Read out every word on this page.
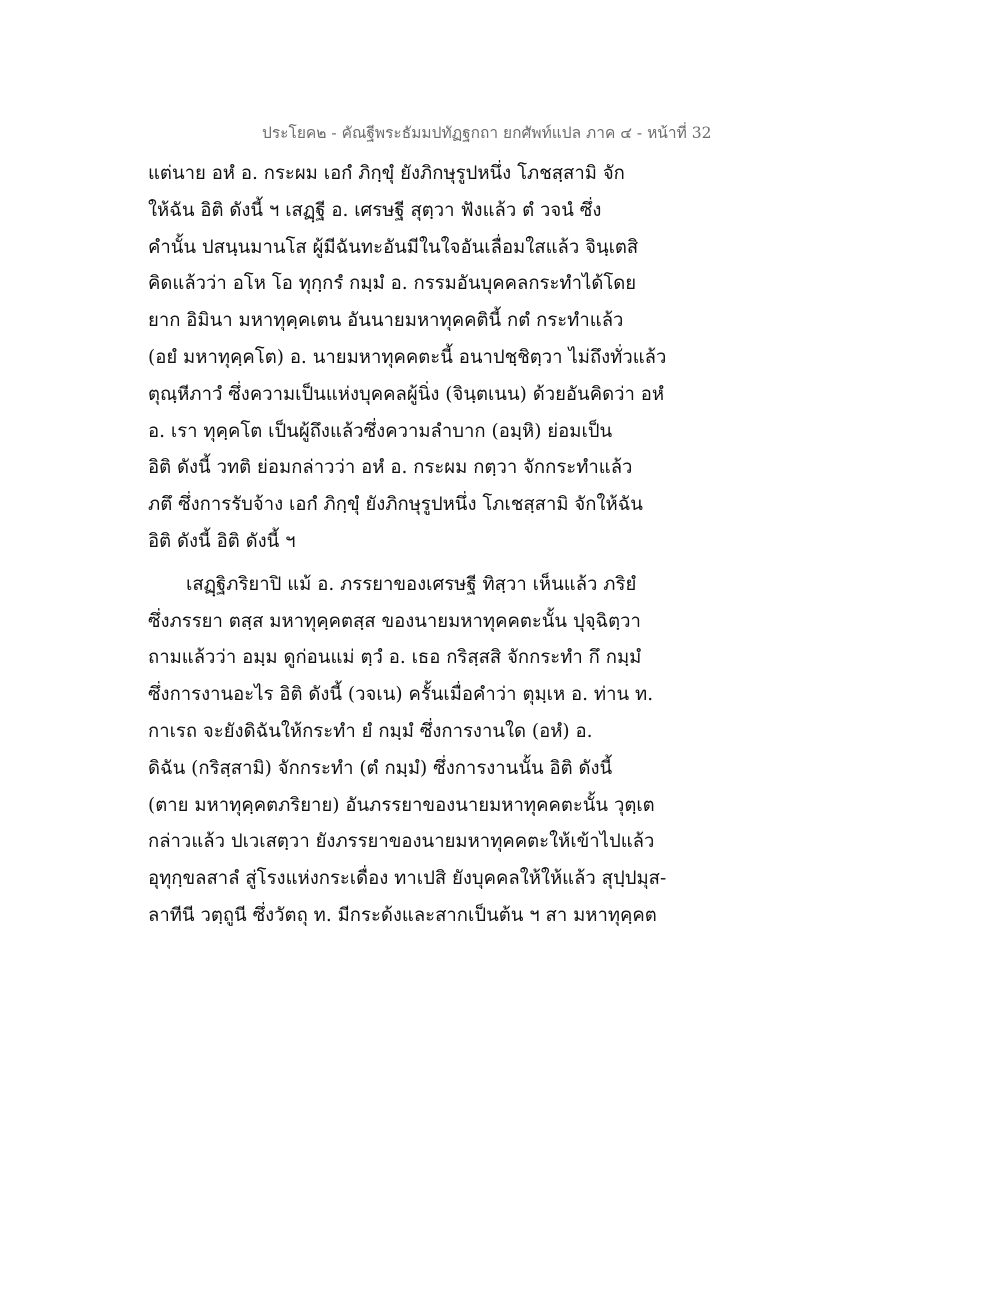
ประโยค๒ - คัณฐีพระธัมมปทัฏฐกถา ยกศัพท์แปล ภาค ๔ - หน้าที่ 32
แต่นาย อหํ อ. กระผม เอกํ ภิกฺขุํ ยังภิกษุรูปหนึ่ง โภชสฺสามิ จัก
ให้ฉัน อิติ ดังนี้ ฯ เสฏฺฐี อ. เศรษฐี สุตฺวา ฟังแล้ว ตํ วจนํ ซึ่ง
คำนั้น ปสนฺนมานโส ผู้มีฉันทะอันมีในใจอันเลื่อมใสแล้ว จินฺเตสิ
คิดแล้วว่า อโห โอ ทุกฺกรํ กมฺมํ อ. กรรมอันบุคคลกระทำได้โดย
ยาก อิมินา มหาทุคฺคเตน อันนายมหาทุคคตินี้ กตํ กระทำแล้ว
(อยํ มหาทุคฺคโต) อ. นายมหาทุคคตะนี้ อนาปชฺชิตฺวา ไม่ถึงทั่วแล้ว
ตุณฺหีภาวํ ซึ่งความเป็นแห่งบุคคลผู้นิ่ง (จินฺตเนน) ด้วยอันคิดว่า อหํ
อ. เรา ทุคฺคโต เป็นผู้ถึงแล้วซึ่งความลำบาก (อมฺหิ) ย่อมเป็น
อิติ ดังนี้ วทติ ย่อมกล่าวว่า อหํ อ. กระผม กตฺวา จักกระทำแล้ว
ภตึ ซึ่งการรับจ้าง เอกํ ภิกฺขุํ ยังภิกษุรูปหนึ่ง โภเชสฺสามิ จักให้ฉัน
อิติ ดังนี้ อิติ ดังนี้ ฯ
เสฏฺฐิภริยาปิ แม้ อ. ภรรยาของเศรษฐี ทิสฺวา เห็นแล้ว ภริยํ
ซึ่งภรรยา ตสฺส มหาทุคฺคตสฺส ของนายมหาทุคคตะนั้น ปุจฺฉิตฺวา
ถามแล้วว่า อมฺม ดูก่อนแม่ ตฺวํ อ. เธอ กริสฺสสิ จักกระทำ กึ กมฺมํ
ซึ่งการงานอะไร อิติ ดังนี้ (วจเน) ครั้นเมื่อคำว่า ตุมฺเห อ. ท่าน ท.
กาเรถ จะยังดิฉันให้กระทำ ยํ กมฺมํ ซึ่งการงานใด (อหํ) อ.
ดิฉัน (กริสฺสามิ) จักกระทำ (ตํ กมฺมํ) ซึ่งการงานนั้น อิติ ดังนี้
(ตาย มหาทุคฺคตภริยาย) อันภรรยาของนายมหาทุคคตะนั้น วุตฺเต
กล่าวแล้ว ปเวเสตฺวา ยังภรรยาของนายมหาทุคคตะให้เข้าไปแล้ว
อุทุกฺขลสาลํ สู่โรงแห่งกระเดื่อง ทาเปสิ ยังบุคคลให้ให้แล้ว สุปฺปมุส-
ลาทีนี วตฺถูนี ซึ่งวัตถุ ท. มีกระด้งและสากเป็นต้น ฯ สา มหาทุคฺคต
